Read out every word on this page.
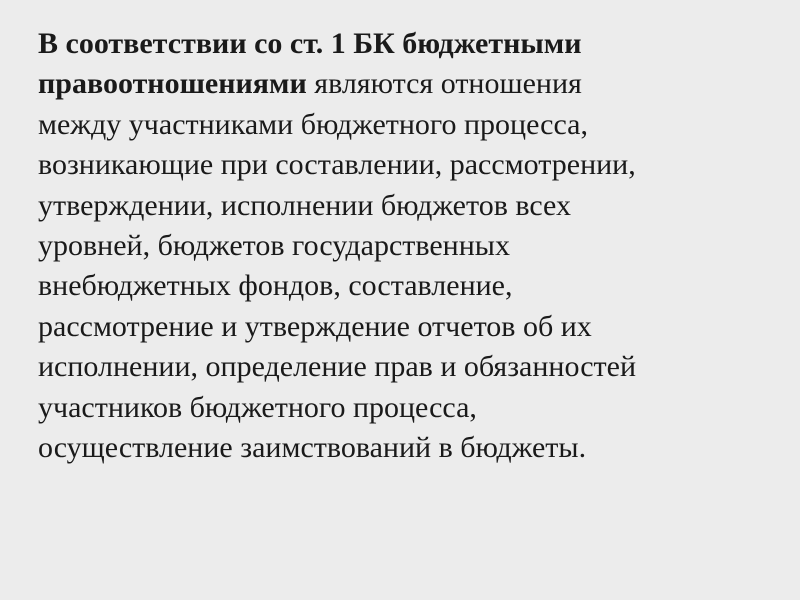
В соответствии со ст. 1 БК бюджетными
правоотношениями являются отношения
между участниками бюджетного процесса,
возникающие при составлении, рассмотрении,
утверждении, исполнении бюджетов всех
уровней, бюджетов государственных
внебюджетных фондов, составление,
рассмотрение и утверждение отчетов об их
исполнении, определение прав и обязанностей
участников бюджетного процесса,
осуществление заимствований в бюджеты.
